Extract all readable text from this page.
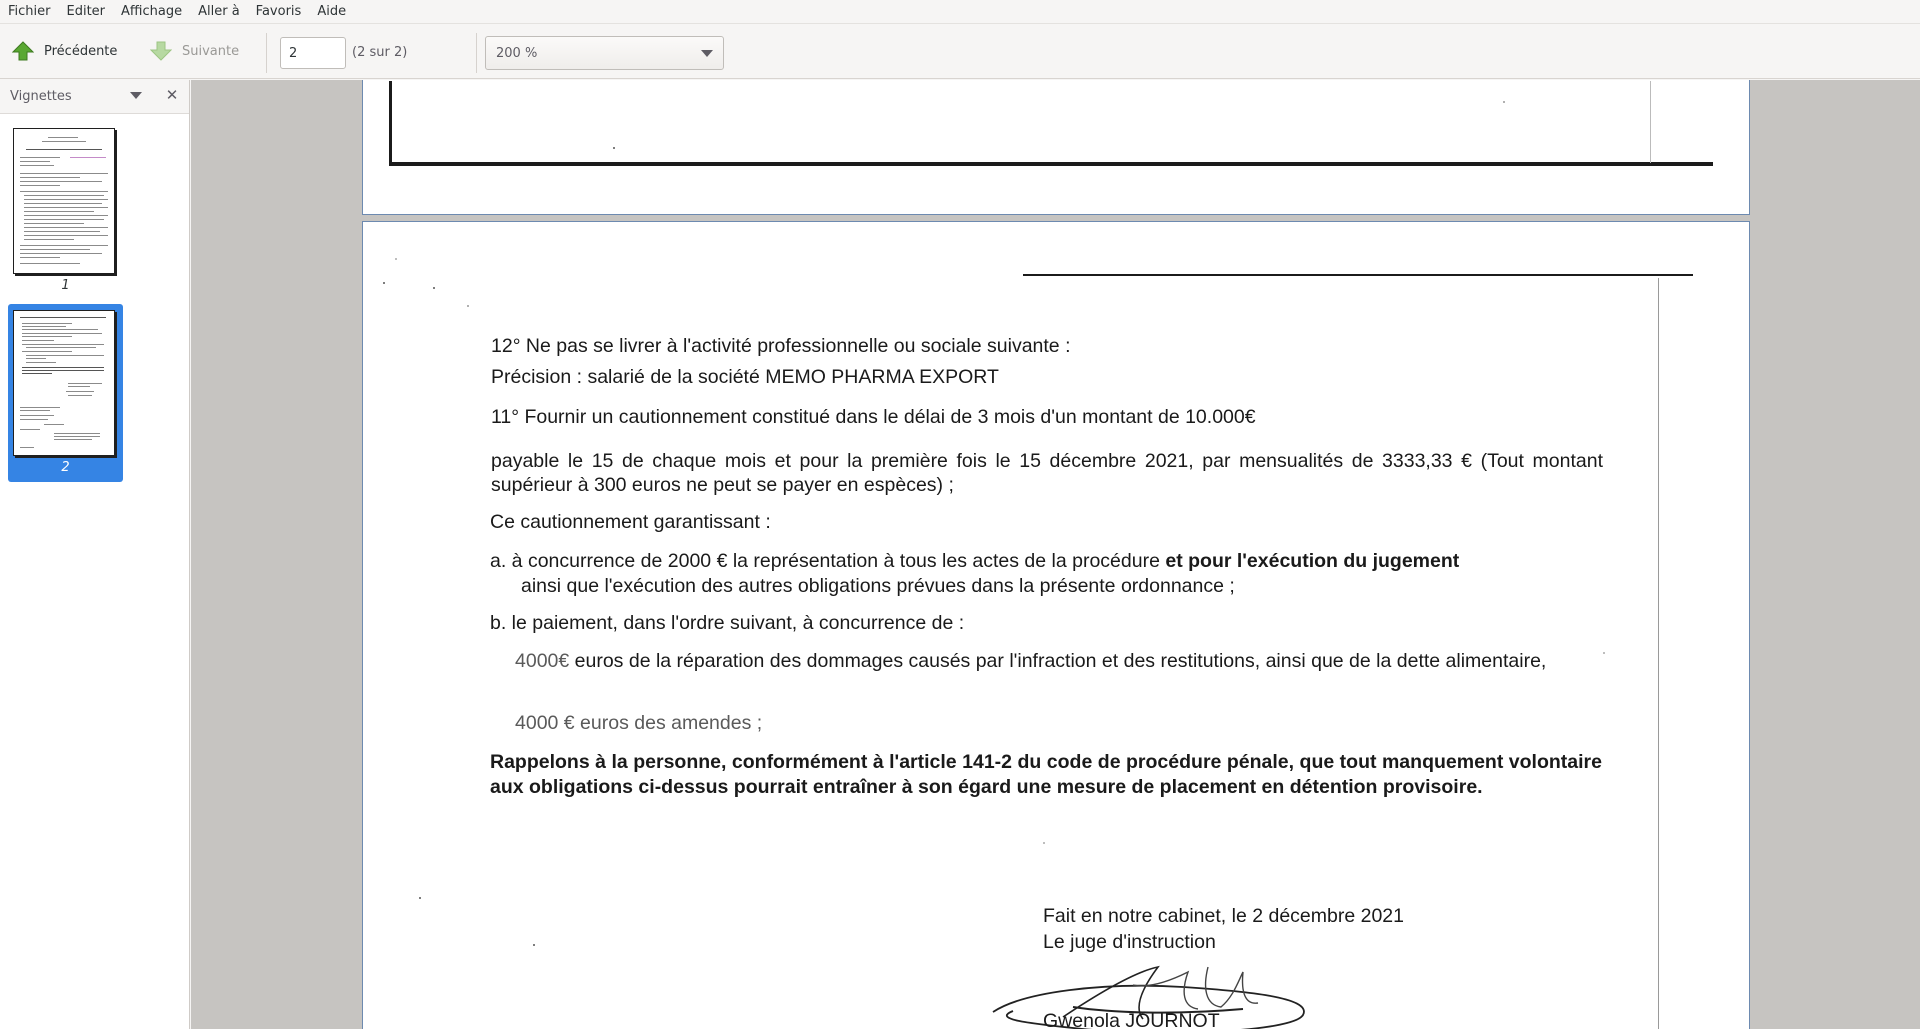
Fichier	Editer	Affichage	Aller à	Favoris	Aide
Précédente	Suivante
2	(2 sur 2)	200 %
Vignettes	✕
1
2
12° Ne pas se livrer à l'activité professionnelle ou sociale suivante :
Précision : salarié de la société MEMO PHARMA EXPORT
11° Fournir un cautionnement constitué dans le délai de 3 mois d'un montant de 10.000€
payable le 15 de chaque mois et pour la première fois le 15 décembre 2021, par mensualités de 3333,33 € (Tout montant supérieur à 300 euros ne peut se payer en espèces) ;
Ce cautionnement garantissant :
a. à concurrence de 2000 € la représentation à tous les actes de la procédure et pour l'exécution du jugement
ainsi que l'exécution des autres obligations prévues dans la présente ordonnance ;
b. le paiement, dans l'ordre suivant, à concurrence de :
4000€ euros de la réparation des dommages causés par l'infraction et des restitutions, ainsi que de la dette alimentaire,
4000 € euros des amendes ;
Rappelons à la personne, conformément à l'article 141-2 du code de procédure pénale, que tout manquement volontaire aux obligations ci-dessus pourrait entraîner à son égard une mesure de placement en détention provisoire.
Fait en notre cabinet, le 2 décembre 2021
Le juge d'instruction
Gwenola JOURNOT
